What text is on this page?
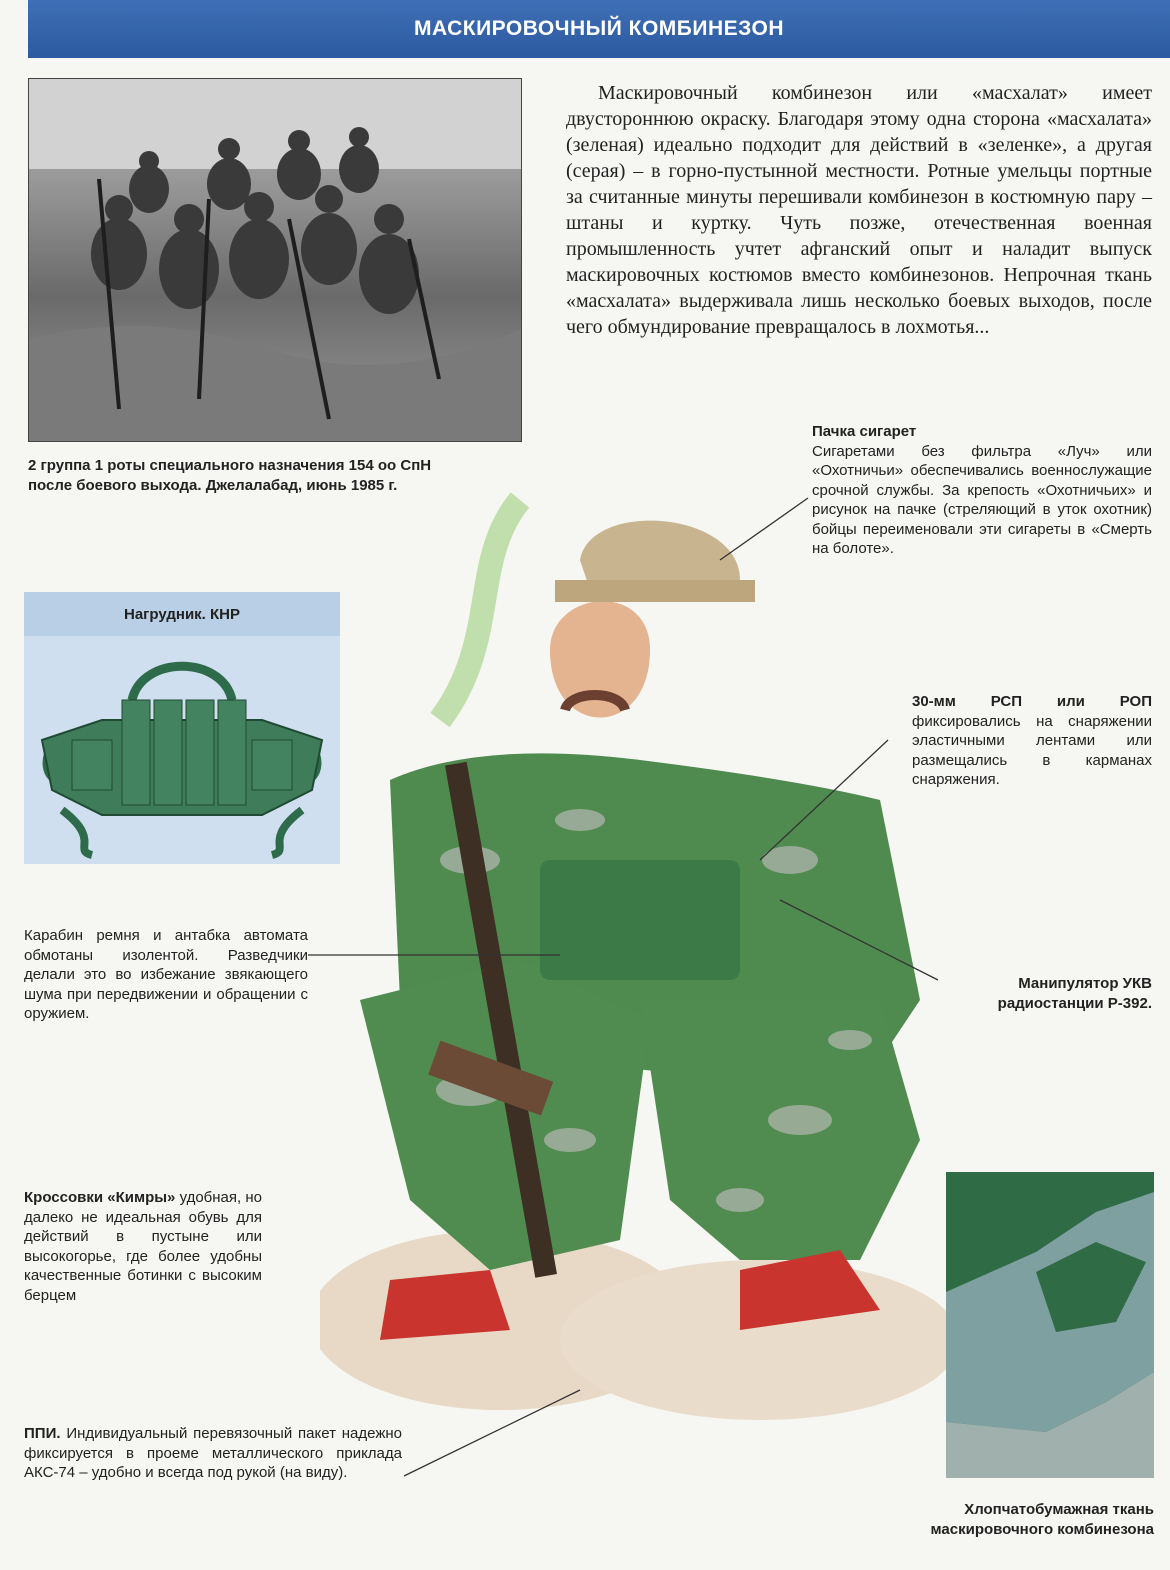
МАСКИРОВОЧНЫЙ КОМБИНЕЗОН

Маскировочный комбинезон или «масхалат» имеет двустороннюю окраску. Благодаря этому одна сторона «масхалата» (зеленая) идеально подходит для действий в «зеленке», а другая (серая) – в горно-пустынной местности. Ротные умельцы портные за считанные минуты перешивали комбинезон в костюмную пару – штаны и куртку. Чуть позже, отечественная военная промышленность учтет афганский опыт и наладит выпуск маскировочных костюмов вместо комбинезонов. Непрочная ткань «масхалата» выдерживала лишь несколько боевых выходов, после чего обмундирование превращалось в лохмотья...

2 группа 1 роты специального назначения 154 оо СпН после боевого выхода. Джелалабад, июнь 1985 г.

Нагрудник. КНР

Пачка сигарет
Сигаретами без фильтра «Луч» или «Охотничьи» обеспечивались военнослужащие срочной службы. За крепость «Охотничьих» и рисунок на пачке (стреляющий в уток охотник) бойцы переименовали эти сигареты в «Смерть на болоте».

30-мм РСП или РОП фиксировались на снаряжении эластичными лентами или размещались в карманах снаряжения.

Карабин ремня и антабка автомата обмотаны изолентой. Разведчики делали это во избежание звякающего шума при передвижении и обращении с оружием.

Манипулятор УКВ радиостанции Р-392.

Кроссовки «Кимры» удобная, но далеко не идеальная обувь для действий в пустыне или высокогорье, где более удобны качественные ботинки с высоким берцем

ППИ. Индивидуальный перевязочный пакет надежно фиксируется в проеме металлического приклада АКС-74 – удобно и всегда под рукой (на виду).

Хлопчатобумажная ткань маскировочного комбинезона
